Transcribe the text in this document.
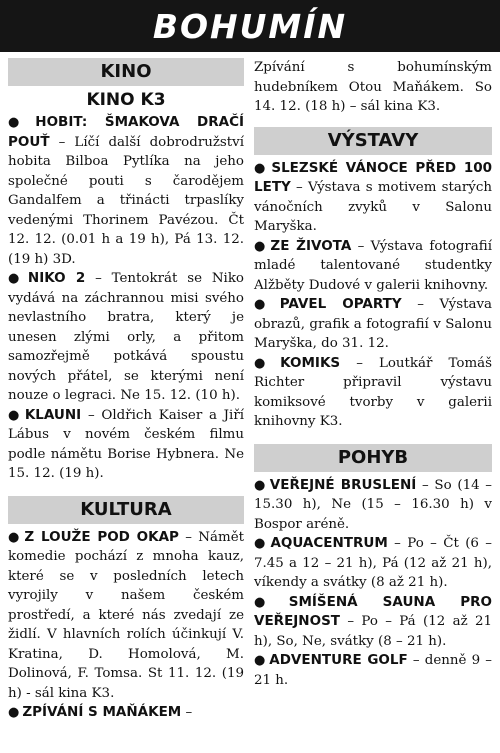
BOHUMÍN
KINO
KINO K3

● HOBIT: ŠMAKOVA DRAČÍ POUŤ – Líčí další dobrodružství hobita Bilboa Pytlíka na jeho společné pouti s čarodějem Gandalfem a třinácti trpaslíky vedenými Thorinem Pavézou. Čt 12. 12. (0.01 h a 19 h), Pá 13. 12. (19 h) 3D.

● NIKO 2 – Tentokrát se Niko vydává na záchrannou misi svého nevlastního bratra, který je unesen zlými orly, a přitom samozřejmě potkává spoustu nových přátel, se kterými není nouze o legraci. Ne 15. 12. (10 h).

● KLAUNI – Oldřich Kaiser a Jiří Lábus v novém českém filmu podle námětu Borise Hybnera. Ne 15. 12. (19 h).

KULTURA

● Z LOUŽE POD OKAP – Námět komedie pochází z mnoha kauz, které se v posledních letech vyrojily v našem českém prostředí, a které nás zvedají ze židlí. V hlavních rolích účinkují V. Kratina, D. Homolová, M. Dolinová, F. Tomsa. St 11. 12. (19 h) - sál kina K3.

● ZPÍVÁNÍ S MAŇÁKEM –

Zpívání s bohumínským hudebníkem Otou Maňákem. So 14. 12. (18 h) – sál kina K3.

VÝSTAVY

● SLEZSKÉ VÁNOCE PŘED 100 LETY – Výstava s motivem starých vánočních zvyků v Salonu Maryška.

● ZE ŽIVOTA – Výstava fotografií mladé talentované studentky Alžběty Dudové v galerii knihovny.

● PAVEL OPARTY – Výstava obrazů, grafik a fotografií v Salonu Maryška, do 31. 12.

● KOMIKS – Loutkář Tomáš Richter připravil výstavu komiksové tvorby v galerii knihovny K3.

POHYB

● VEŘEJNÉ BRUSLENÍ – So (14 – 15.30 h), Ne (15 – 16.30 h) v Bospor aréně.

● AQUACENTRUM – Po – Čt (6 – 7.45 a 12 – 21 h), Pá (12 až 21 h), víkendy a svátky (8 až 21 h).

● SMÍŠENÁ SAUNA PRO VEŘEJNOST – Po – Pá (12 až 21 h), So, Ne, svátky (8 – 21 h).

● ADVENTURE GOLF – denně 9 – 21 h.
